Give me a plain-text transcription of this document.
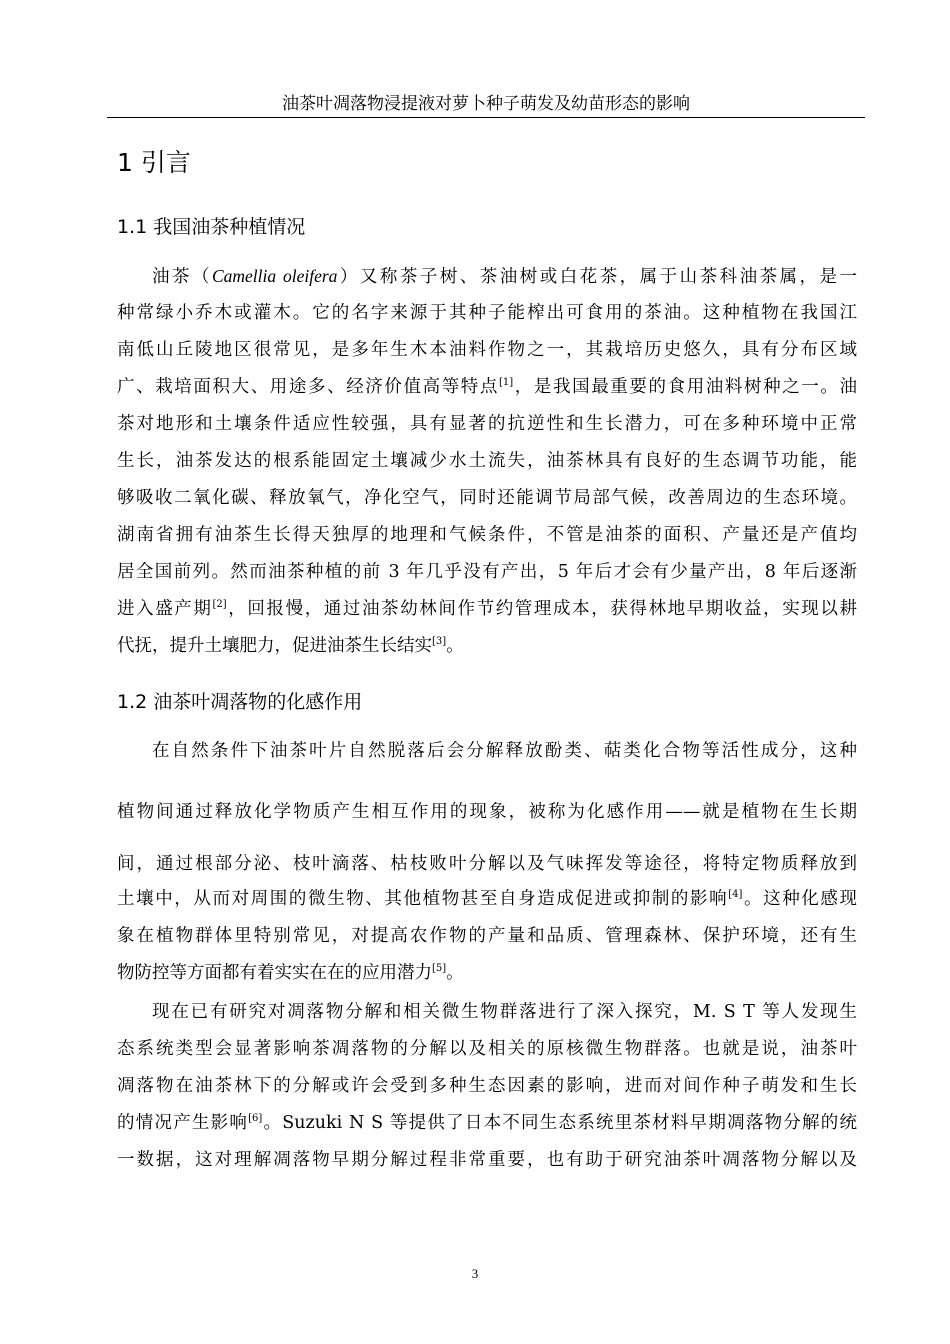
油茶叶凋落物浸提液对萝卜种子萌发及幼苗形态的影响
1 引言
1.1 我国油茶种植情况
油茶（Camellia oleifera）又称茶子树、茶油树或白花茶，属于山茶科油茶属，是一
种常绿小乔木或灌木。它的名字来源于其种子能榨出可食用的茶油。这种植物在我国江
南低山丘陵地区很常见，是多年生木本油料作物之一，其栽培历史悠久，具有分布区域
广、栽培面积大、用途多、经济价值高等特点[1]，是我国最重要的食用油料树种之一。油
茶对地形和土壤条件适应性较强，具有显著的抗逆性和生长潜力，可在多种环境中正常
生长，油茶发达的根系能固定土壤减少水土流失，油茶林具有良好的生态调节功能，能
够吸收二氧化碳、释放氧气，净化空气，同时还能调节局部气候，改善周边的生态环境。
湖南省拥有油茶生长得天独厚的地理和气候条件，不管是油茶的面积、产量还是产值均
居全国前列。然而油茶种植的前 3 年几乎没有产出，5 年后才会有少量产出，8 年后逐渐
进入盛产期[2]，回报慢，通过油茶幼林间作节约管理成本，获得林地早期收益，实现以耕
代抚，提升土壤肥力，促进油茶生长结实[3]。
1.2 油茶叶凋落物的化感作用
在自然条件下油茶叶片自然脱落后会分解释放酚类、萜类化合物等活性成分，这种
植物间通过释放化学物质产生相互作用的现象，被称为化感作用——就是植物在生长期
间，通过根部分泌、枝叶滴落、枯枝败叶分解以及气味挥发等途径，将特定物质释放到
土壤中，从而对周围的微生物、其他植物甚至自身造成促进或抑制的影响[4]。这种化感现
象在植物群体里特别常见，对提高农作物的产量和品质、管理森林、保护环境，还有生
物防控等方面都有着实实在在的应用潜力[5]。
现在已有研究对凋落物分解和相关微生物群落进行了深入探究，M. S T 等人发现生
态系统类型会显著影响茶凋落物的分解以及相关的原核微生物群落。也就是说，油茶叶
凋落物在油茶林下的分解或许会受到多种生态因素的影响，进而对间作种子萌发和生长
的情况产生影响[6]。Suzuki N S 等提供了日本不同生态系统里茶材料早期凋落物分解的统
一数据，这对理解凋落物早期分解过程非常重要，也有助于研究油茶叶凋落物分解以及
3
